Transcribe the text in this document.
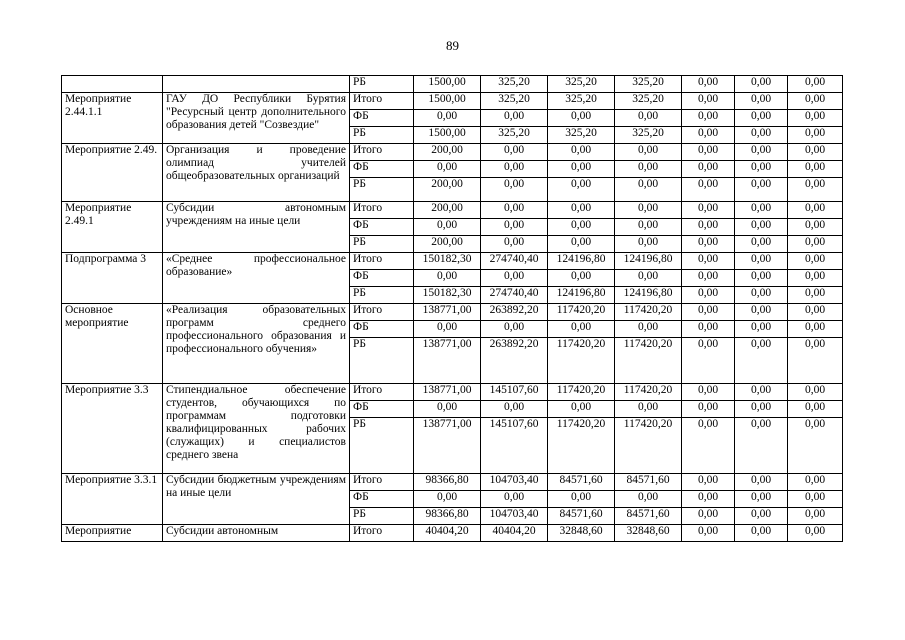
89
		РБ	1500,00	325,20	325,20	325,20	0,00	0,00	0,00
Мероприятие 2.44.1.1	ГАУ ДО Республики Бурятия "Ресурсный центр дополнительного образования детей "Созвездие"	Итого	1500,00	325,20	325,20	325,20	0,00	0,00	0,00
		ФБ	0,00	0,00	0,00	0,00	0,00	0,00	0,00
		РБ	1500,00	325,20	325,20	325,20	0,00	0,00	0,00
Мероприятие 2.49.	Организация и проведение олимпиад учителей общеобразовательных организаций	Итого	200,00	0,00	0,00	0,00	0,00	0,00	0,00
		ФБ	0,00	0,00	0,00	0,00	0,00	0,00	0,00
		РБ	200,00	0,00	0,00	0,00	0,00	0,00	0,00
Мероприятие 2.49.1	Субсидии автономным учреждениям на иные цели	Итого	200,00	0,00	0,00	0,00	0,00	0,00	0,00
		ФБ	0,00	0,00	0,00	0,00	0,00	0,00	0,00
		РБ	200,00	0,00	0,00	0,00	0,00	0,00	0,00
Подпрограмма 3	«Среднее профессиональное образование»	Итого	150182,30	274740,40	124196,80	124196,80	0,00	0,00	0,00
		ФБ	0,00	0,00	0,00	0,00	0,00	0,00	0,00
		РБ	150182,30	274740,40	124196,80	124196,80	0,00	0,00	0,00
Основное мероприятие	«Реализация образовательных программ среднего профессионального образования и профессионального обучения»	Итого	138771,00	263892,20	117420,20	117420,20	0,00	0,00	0,00
		ФБ	0,00	0,00	0,00	0,00	0,00	0,00	0,00
		РБ	138771,00	263892,20	117420,20	117420,20	0,00	0,00	0,00
Мероприятие 3.3	Стипендиальное обеспечение студентов, обучающихся по программам подготовки квалифицированных рабочих (служащих) и специалистов среднего звена	Итого	138771,00	145107,60	117420,20	117420,20	0,00	0,00	0,00
		ФБ	0,00	0,00	0,00	0,00	0,00	0,00	0,00
		РБ	138771,00	145107,60	117420,20	117420,20	0,00	0,00	0,00
Мероприятие 3.3.1	Субсидии бюджетным учреждениям на иные цели	Итого	98366,80	104703,40	84571,60	84571,60	0,00	0,00	0,00
		ФБ	0,00	0,00	0,00	0,00	0,00	0,00	0,00
		РБ	98366,80	104703,40	84571,60	84571,60	0,00	0,00	0,00
Мероприятие	Субсидии автономным	Итого	40404,20	40404,20	32848,60	32848,60	0,00	0,00	0,00
